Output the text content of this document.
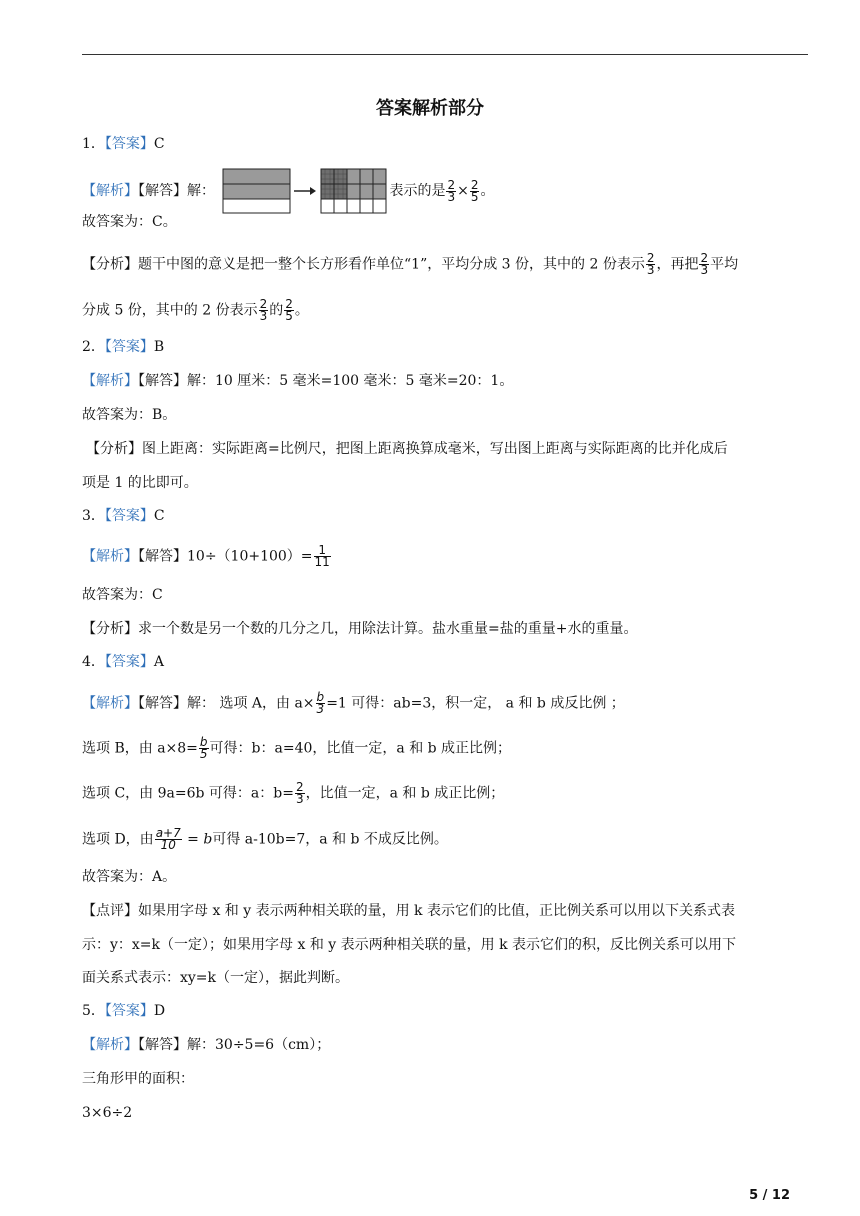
答案解析部分
1．【答案】C
【解析】【解答】解：	表示的是 $\frac{2}{3} \times \frac{2}{5}$ 。
故答案为：C。
【分析】题干中图的意义是把一整个长方形看作单位“1”，平均分成 3 份，其中的 2 份表示 $\frac{2}{3}$ ，再把 $\frac{2}{3}$ 平均
分成 5 份，其中的 2 份表示 $\frac{2}{3}$ 的 $\frac{2}{5}$ 。
2．【答案】B
【解析】【解答】解：10 厘米：5 毫米=100 毫米：5 毫米=20：1。
故答案为：B。
【分析】图上距离：实际距离=比例尺，把图上距离换算成毫米，写出图上距离与实际距离的比并化成后
项是 1 的比即可。
3．【答案】C
【解析】【解答】$10\div(10+100)= \frac{1}{11}$
故答案为：C
【分析】求一个数是另一个数的几分之几，用除法计算。盐水重量=盐的重量+水的重量。
4．【答案】A
【解析】【解答】解： 选项 A，由 $a\times \frac{b}{3} =1$ 可得：ab=3，积一定， a 和 b 成反比例 ；
选项 B，由 $a\times 8= \frac{b}{5}$ 可得：b：a=40，比值一定，a 和 b 成正比例；
选项 C，由 9a=6b 可得：a：$b= \frac{2}{3}$ ，比值一定，a 和 b 成正比例；
选项 D，由 $\frac{a+7}{10} = b$可得 a-10b=7，a 和 b 不成反比例。
故答案为：A。
【点评】如果用字母 x 和 y 表示两种相关联的量，用 k 表示它们的比值，正比例关系可以用以下关系式表
示：y：x=k（一定）；如果用字母 x 和 y 表示两种相关联的量，用 k 表示它们的积，反比例关系可以用下
面关系式表示：xy=k（一定），据此判断。
5．【答案】D
【解析】【解答】解：30÷5=6（cm）；
三角形甲的面积：
3×6÷2
5 / 12
